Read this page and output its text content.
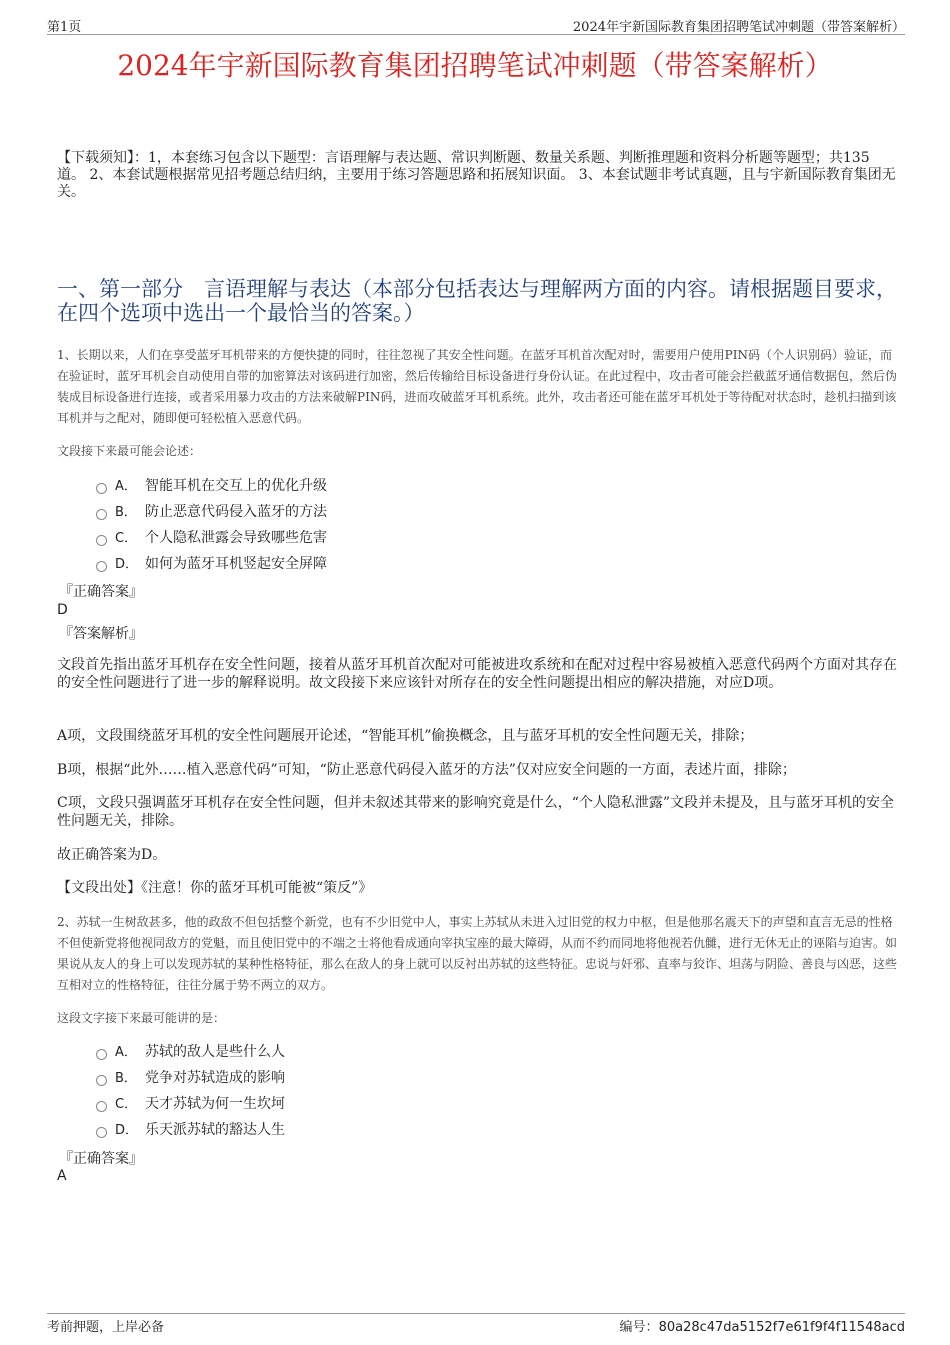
第1页	2024年宇新国际教育集团招聘笔试冲刺题（带答案解析）
2024年宇新国际教育集团招聘笔试冲刺题（带答案解析）
【下载须知】：1，本套练习包含以下题型：言语理解与表达题、常识判断题、数量关系题、判断推理题和资料分析题等题型；共135道。 2、本套试题根据常见招考题总结归纳，主要用于练习答题思路和拓展知识面。 3、本套试题非考试真题，且与宇新国际教育集团无关。
一、第一部分　言语理解与表达（本部分包括表达与理解两方面的内容。请根据题目要求，在四个选项中选出一个最恰当的答案。）
1、长期以来，人们在享受蓝牙耳机带来的方便快捷的同时，往往忽视了其安全性问题。在蓝牙耳机首次配对时，需要用户使用PIN码（个人识别码）验证，而在验证时，蓝牙耳机会自动使用自带的加密算法对该码进行加密，然后传输给目标设备进行身份认证。在此过程中，攻击者可能会拦截蓝牙通信数据包，然后伪装成目标设备进行连接，或者采用暴力攻击的方法来破解PIN码，进而攻破蓝牙耳机系统。此外，攻击者还可能在蓝牙耳机处于等待配对状态时，趁机扫描到该耳机并与之配对，随即便可轻松植入恶意代码。
文段接下来最可能会论述：
A． 智能耳机在交互上的优化升级
B． 防止恶意代码侵入蓝牙的方法
C． 个人隐私泄露会导致哪些危害
D． 如何为蓝牙耳机竖起安全屏障
『正确答案』
D
『答案解析』
文段首先指出蓝牙耳机存在安全性问题，接着从蓝牙耳机首次配对可能被进攻系统和在配对过程中容易被植入恶意代码两个方面对其存在的安全性问题进行了进一步的解释说明。故文段接下来应该针对所存在的安全性问题提出相应的解决措施，对应D项。
A项，文段围绕蓝牙耳机的安全性问题展开论述，“智能耳机”偷换概念，且与蓝牙耳机的安全性问题无关，排除；
B项，根据“此外……植入恶意代码”可知，“防止恶意代码侵入蓝牙的方法”仅对应安全问题的一方面，表述片面，排除；
C项，文段只强调蓝牙耳机存在安全性问题，但并未叙述其带来的影响究竟是什么，“个人隐私泄露”文段并未提及，且与蓝牙耳机的安全性问题无关，排除。
故正确答案为D。
【文段出处】《注意！你的蓝牙耳机可能被“策反”》
2、苏轼一生树敌甚多，他的政敌不但包括整个新党，也有不少旧党中人，事实上苏轼从未进入过旧党的权力中枢，但是他那名震天下的声望和直言无忌的性格不但使新党将他视同敌方的党魁，而且使旧党中的不端之士将他看成通向宰执宝座的最大障碍，从而不约而同地将他视若仇雠，进行无休无止的诬陷与迫害。如果说从友人的身上可以发现苏轼的某种性格特征，那么在敌人的身上就可以反衬出苏轼的这些特征。忠说与奸邪、直率与狡诈、坦荡与阴险、善良与凶恶，这些互相对立的性格特征，往往分属于势不两立的双方。
这段文字接下来最可能讲的是：
A． 苏轼的敌人是些什么人
B． 党争对苏轼造成的影响
C． 天才苏轼为何一生坎坷
D． 乐天派苏轼的豁达人生
『正确答案』
A
考前押题，上岸必备	编号：80a28c47da5152f7e61f9f4f11548acd
